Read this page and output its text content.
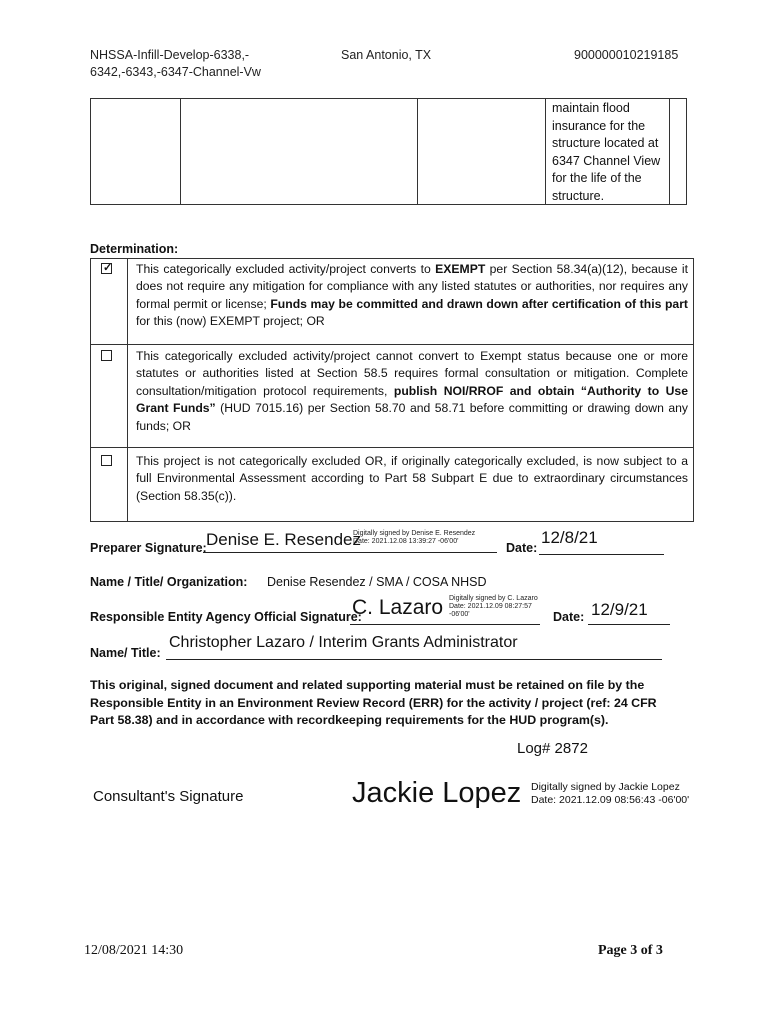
NHSSA-Infill-Develop-6338,-
6342,-6343,-6347-Channel-Vw
San Antonio, TX	900000010219185
maintain flood
insurance for the
structure located at
6347 Channel View
for the life of the
structure.
Determination:
✓ This categorically excluded activity/project converts to EXEMPT per Section 58.34(a)(12), because it does not require any mitigation for compliance with any listed statutes or authorities, nor requires any formal permit or license; Funds may be committed and drawn down after certification of this part for this (now) EXEMPT project; OR
This categorically excluded activity/project cannot convert to Exempt status because one or more statutes or authorities listed at Section 58.5 requires formal consultation or mitigation. Complete consultation/mitigation protocol requirements, publish NOI/RROF and obtain “Authority to Use Grant Funds” (HUD 7015.16) per Section 58.70 and 58.71 before committing or drawing down any funds; OR
This project is not categorically excluded OR, if originally categorically excluded, is now subject to a full Environmental Assessment according to Part 58 Subpart E due to extraordinary circumstances (Section 58.35(c)).
Preparer Signature: Denise E. Resendez
Digitally signed by Denise E. Resendez
Date: 2021.12.08 13:39:27 -06'00'	Date:
12/8/21
Name / Title/ Organization: Denise Resendez / SMA / COSA NHSD
Responsible Entity Agency Official Signature:
C. Lazaro Digitally signed by C. Lazaro
Date: 2021.12.09 08:27:57
-06'00'	Date: 12/9/21
Name/ Title:
Christopher Lazaro / Interim Grants Administrator
This original, signed document and related supporting material must be retained on file by the Responsible Entity in an Environment Review Record (ERR) for the activity / project (ref: 24 CFR Part 58.38) and in accordance with recordkeeping requirements for the HUD program(s).
Log# 2872
Consultant's Signature	Jackie Lopez Digitally signed by Jackie Lopez
Date: 2021.12.09 08:56:43 -06'00'
12/08/2021 14:30	Page 3 of 3
